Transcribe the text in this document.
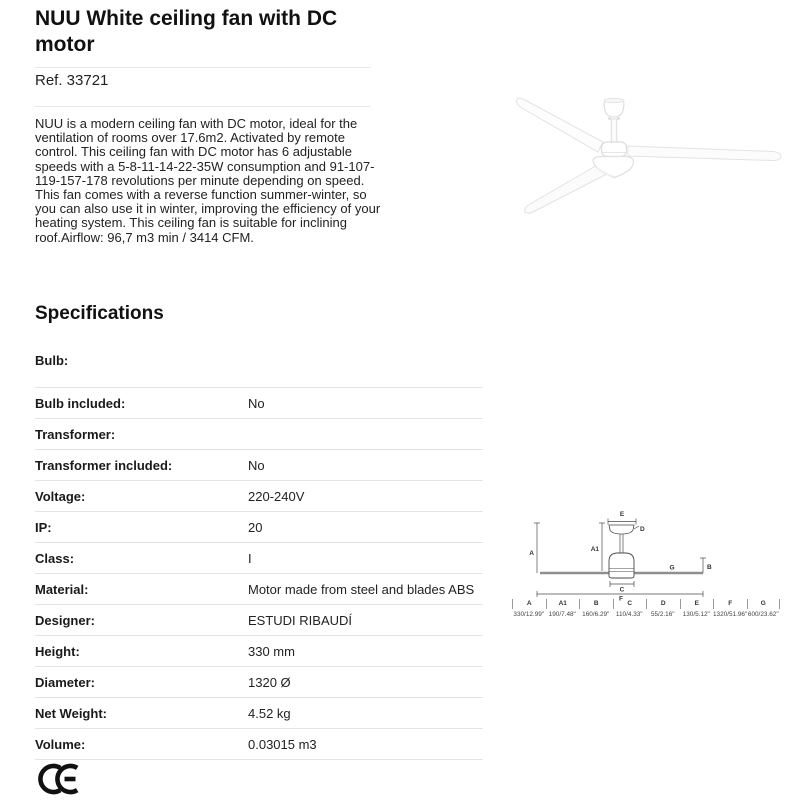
NUU White ceiling fan with DC motor
Ref. 33721

NUU is a modern ceiling fan with DC motor, ideal for the ventilation of rooms over 17.6m2. Activated by remote control. This ceiling fan with DC motor has 6 adjustable speeds with a 5-8-11-14-22-35W consumption and 91-107-119-157-178 revolutions per minute depending on speed. This fan comes with a reverse function summer-winter, so you can also use it in winter, improving the efficiency of your heating system. This ceiling fan is suitable for inclining roof.Airflow: 96,7 m3 min / 3414 CFM.

Specifications
Bulb:
Bulb included:	No
Transformer:
Transformer included:	No
Voltage:	220-240V
IP:	20
Class:	I
Material:	Motor made from steel and blades ABS
Designer:	ESTUDI RIBAUDÍ
Height:	330 mm
Diameter:	1320 Ø
Net Weight:	4.52 kg
Volume:	0.03015 m3
A
A1
E
D
G	B
C
F
A
330/12.99"
A1
190/7.48"
B
160/6.29"
C
110/4.33"
D
55/2.16"
E
130/5.12"
F
1320/51.96"
G
600/23.62"
